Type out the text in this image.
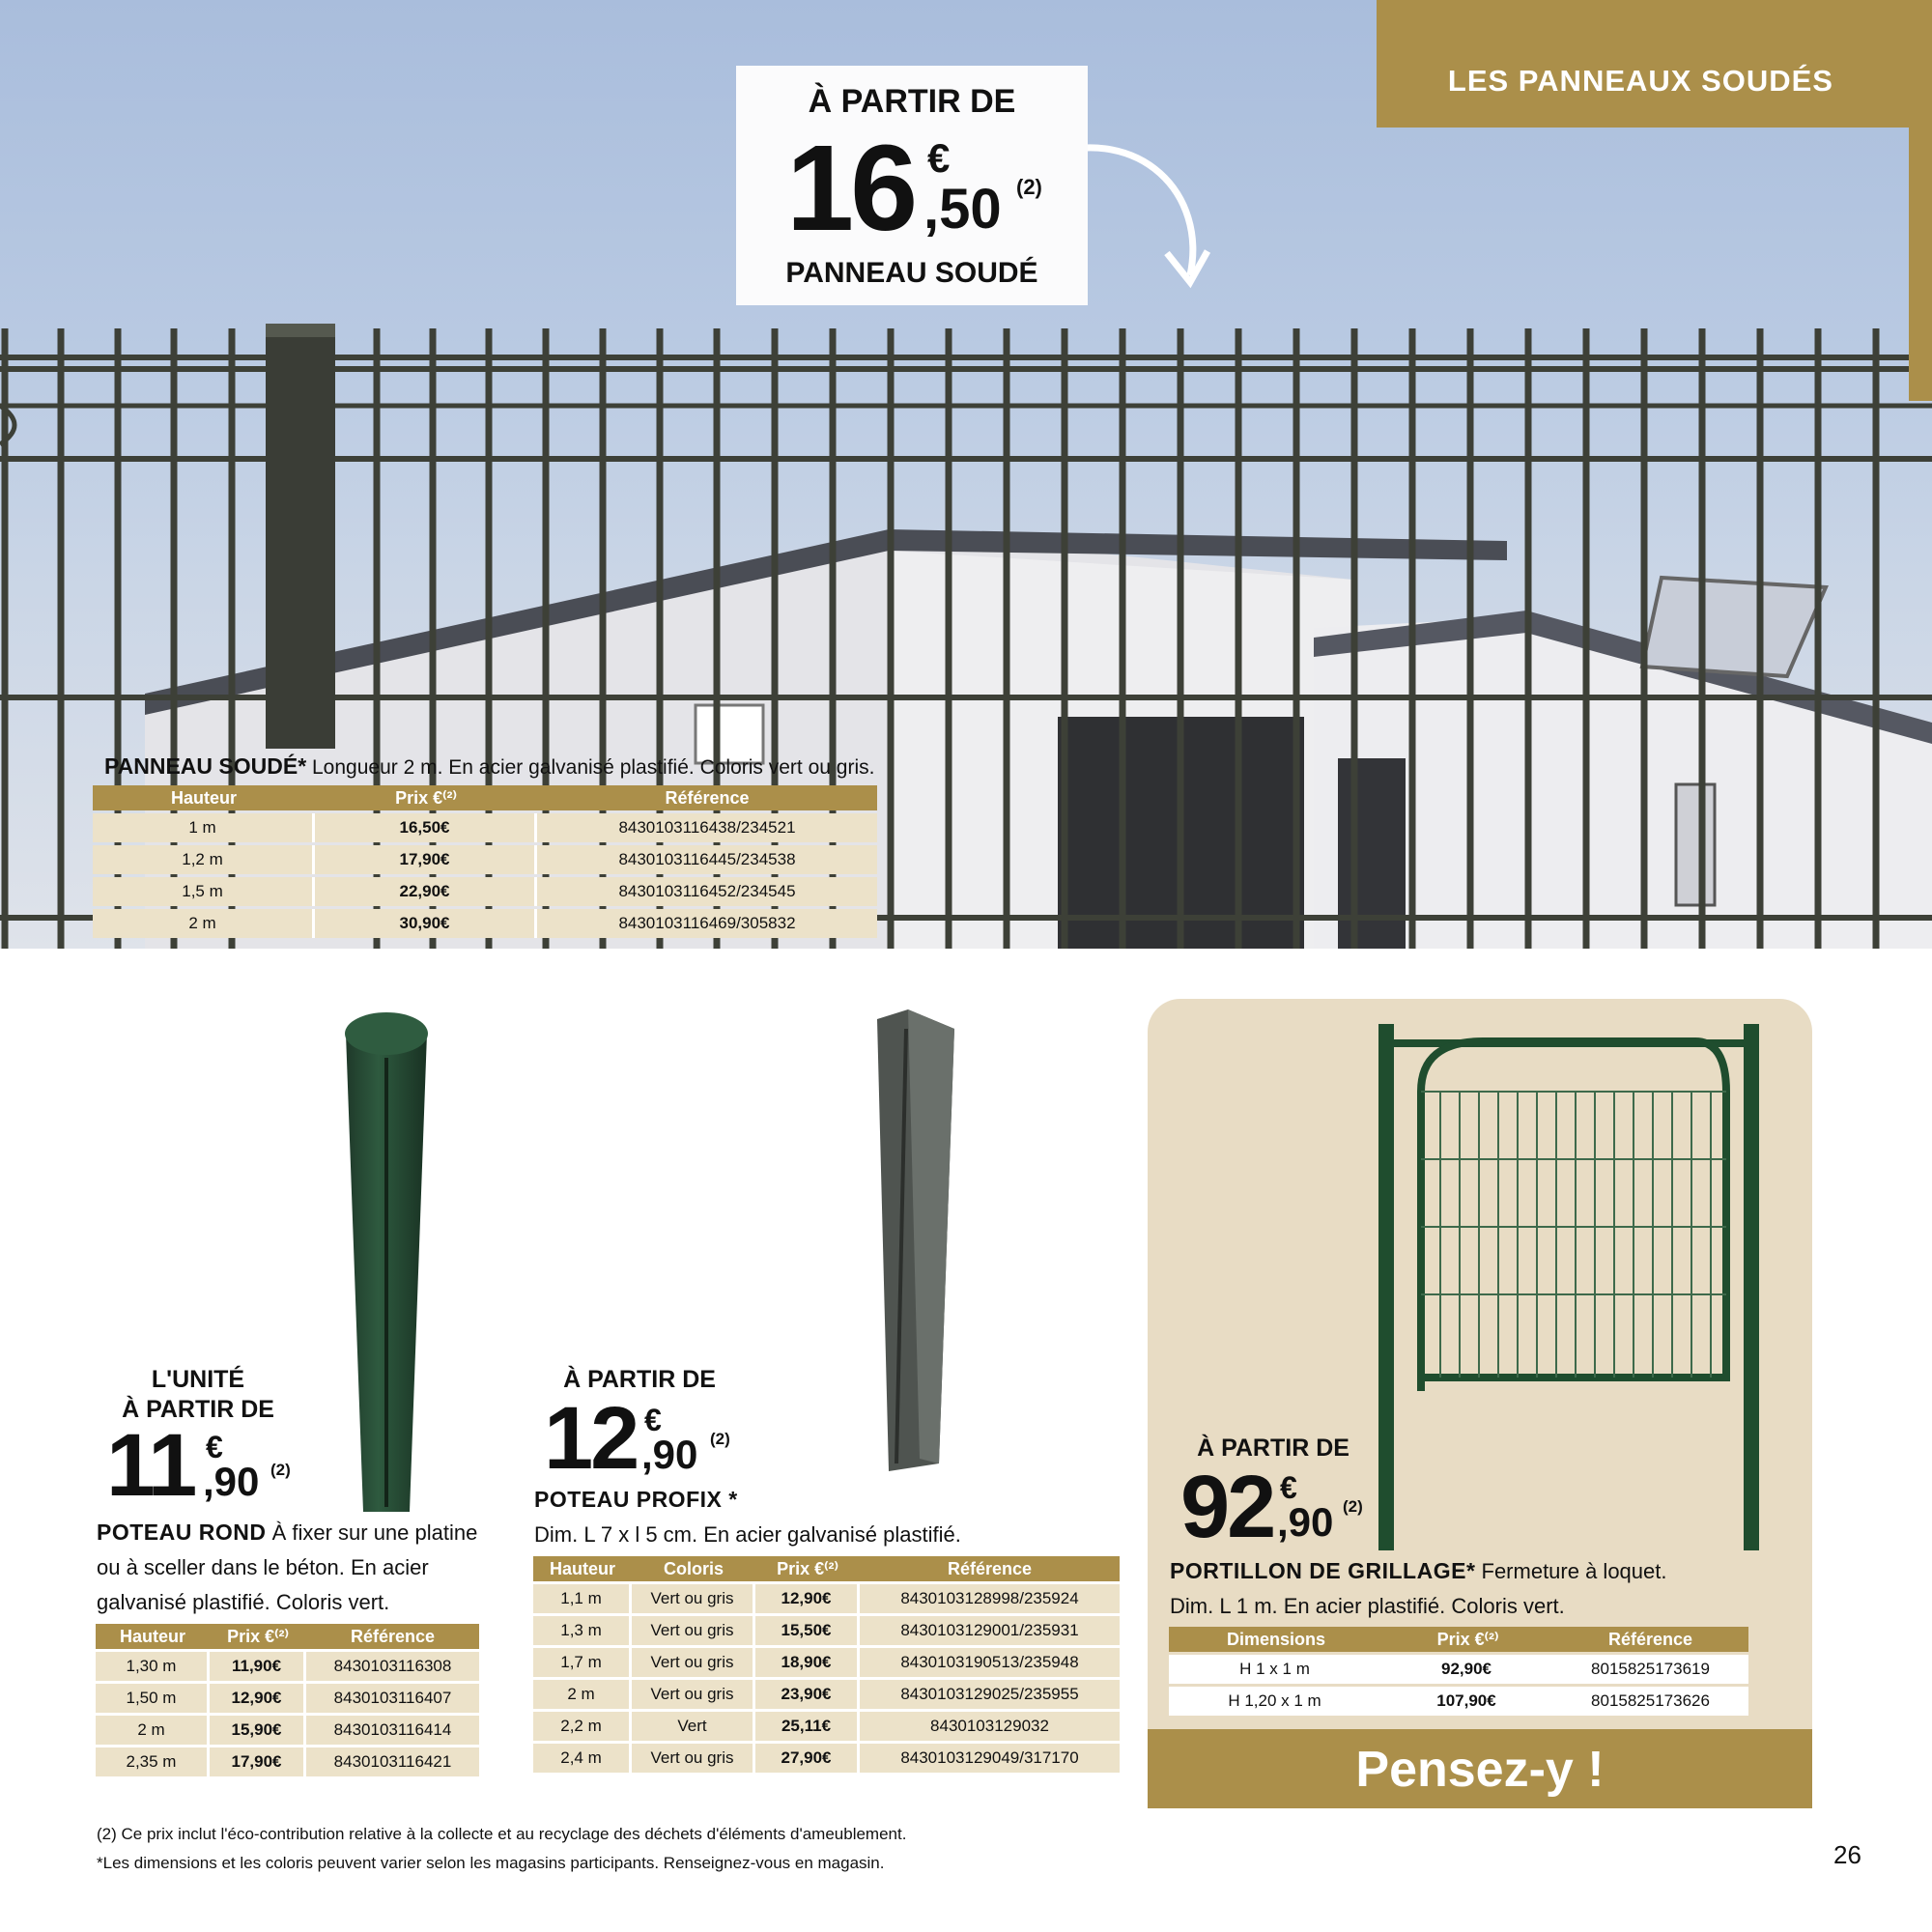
LES PANNEAUX SOUDÉS
À PARTIR DE
16 €
,50 (2)
PANNEAU SOUDÉ
PANNEAU SOUDÉ* Longueur 2 m. En acier galvanisé plastifié. Coloris vert ou gris.
Hauteur	Prix €⁽²⁾	Référence
1 m	16,50€	8430103116438/234521
1,2 m	17,90€	8430103116445/234538
1,5 m	22,90€	8430103116452/234545
2 m	30,90€	8430103116469/305832
L'UNITÉ
À PARTIR DE
11 €
,90 (2)
POTEAU ROND À fixer sur une platine
ou à sceller dans le béton. En acier
galvanisé plastifié. Coloris vert.
Hauteur	Prix €⁽²⁾	Référence
1,30 m	11,90€	8430103116308
1,50 m	12,90€	8430103116407
2 m	15,90€	8430103116414
2,35 m	17,90€	8430103116421
À PARTIR DE
12 €
,90 (2)
POTEAU PROFIX *
Dim. L 7 x l 5 cm. En acier galvanisé plastifié.
Hauteur	Coloris	Prix €⁽²⁾	Référence
1,1 m	Vert ou gris	12,90€	8430103128998/235924
1,3 m	Vert ou gris	15,50€	8430103129001/235931
1,7 m	Vert ou gris	18,90€	8430103190513/235948
2 m	Vert ou gris	23,90€	8430103129025/235955
2,2 m	Vert	25,11€	8430103129032
2,4 m	Vert ou gris	27,90€	8430103129049/317170
À PARTIR DE
92 €
,90 (2)
PORTILLON DE GRILLAGE* Fermeture à loquet.
Dim. L 1 m. En acier plastifié. Coloris vert.
Dimensions	Prix €⁽²⁾	Référence
H 1 x 1 m	92,90€	8015825173619
H 1,20 x 1 m	107,90€	8015825173626
Pensez-y !
(2) Ce prix inclut l'éco-contribution relative à la collecte et au recyclage des déchets d'éléments d'ameublement.
*Les dimensions et les coloris peuvent varier selon les magasins participants. Renseignez-vous en magasin.	26
